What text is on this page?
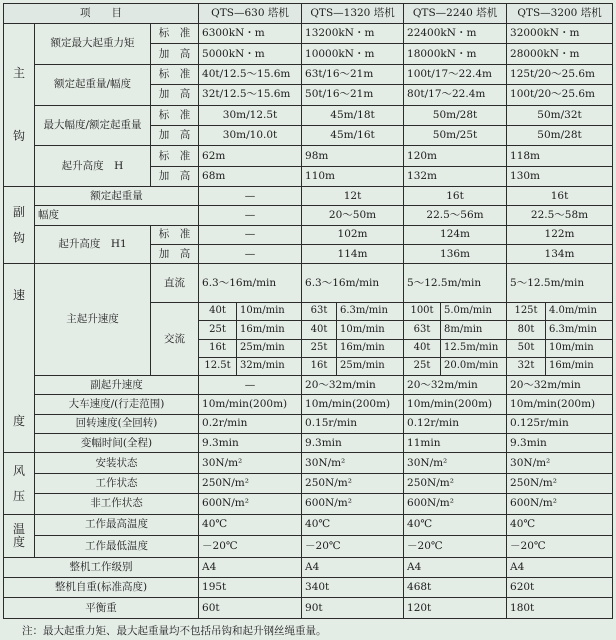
项　　目			QTS—630 塔机		QTS—1320 塔机		QTS—2240 塔机		QTS—3200 塔机	
主

钩	额定最大起重力矩	标　准	6300kN・m		13200kN・m		22400kN・m		32000kN・m	
		加　高	5000kN・m		10000kN・m		18000kN・m		28000kN・m	
	额定起重量/幅度	标　准	40t/12.5～15.6m		63t/16～21m		100t/17～22.4m		125t/20～25.6m	
		加　高	32t/12.5～15.6m		50t/16～21m		80t/17～22.4m		100t/20～25.6m	
	最大幅度/额定起重量	标　准	30m/12.5t		45m/18t		50m/28t		50m/32t	
		加　高	30m/10.0t		45m/16t		50m/25t		50m/28t	
	起升高度　H	标　准	62m		98m		120m		118m	
		加　高	68m		110m		132m		130m	
副

钩	额定起重量		—		12t		16t		16t	
	幅度		—		20～50m		22.5～56m		22.5～58m	
	起升高度　H1	标　准	—		102m		124m		122m	
		加　高	—		114m		136m		134m	
速

度	主起升速度	直流	6.3～16m/min		6.3～16m/min		5～12.5m/min		5～12.5m/min	
		交流	40t	10m/min	63t	6.3m/min	100t	5.0m/min	125t	4.0m/min
			25t	16m/min	40t	10m/min	63t	8m/min	80t	6.3m/min
			16t	25m/min	25t	16m/min	40t	12.5m/min	50t	10m/min
			12.5t	32m/min	16t	25m/min	25t	20.0m/min	32t	16m/min
	副起升速度		—		20～32m/min		20～32m/min		20～32m/min	
	大车速度/(行走范围)		10m/min(200m)		10m/min(200m)		10m/min(200m)		10m/min(200m)	
	回转速度(全回转)		0.2r/min		0.15r/min		0.12r/min		0.125r/min	
	变幅时间(全程)		9.3min		9.3min		11min		9.3min	
风

压	安装状态		30N/m²		30N/m²		30N/m²		30N/m²	
	工作状态		250N/m²		250N/m²		250N/m²		250N/m²	
	非工作状态		600N/m²		600N/m²		600N/m²		600N/m²	
温
度	工作最高温度		40℃		40℃		40℃		40℃	
	工作最低温度		－20℃		－20℃		－20℃		－20℃	
整机工作级别			A4		A4		A4		A4	
整机自重(标准高度)			195t		340t		468t		620t	
平衡重			60t		90t		120t		180t	
注：最大起重力矩、最大起重量均不包括吊钩和起升钢丝绳重量。
